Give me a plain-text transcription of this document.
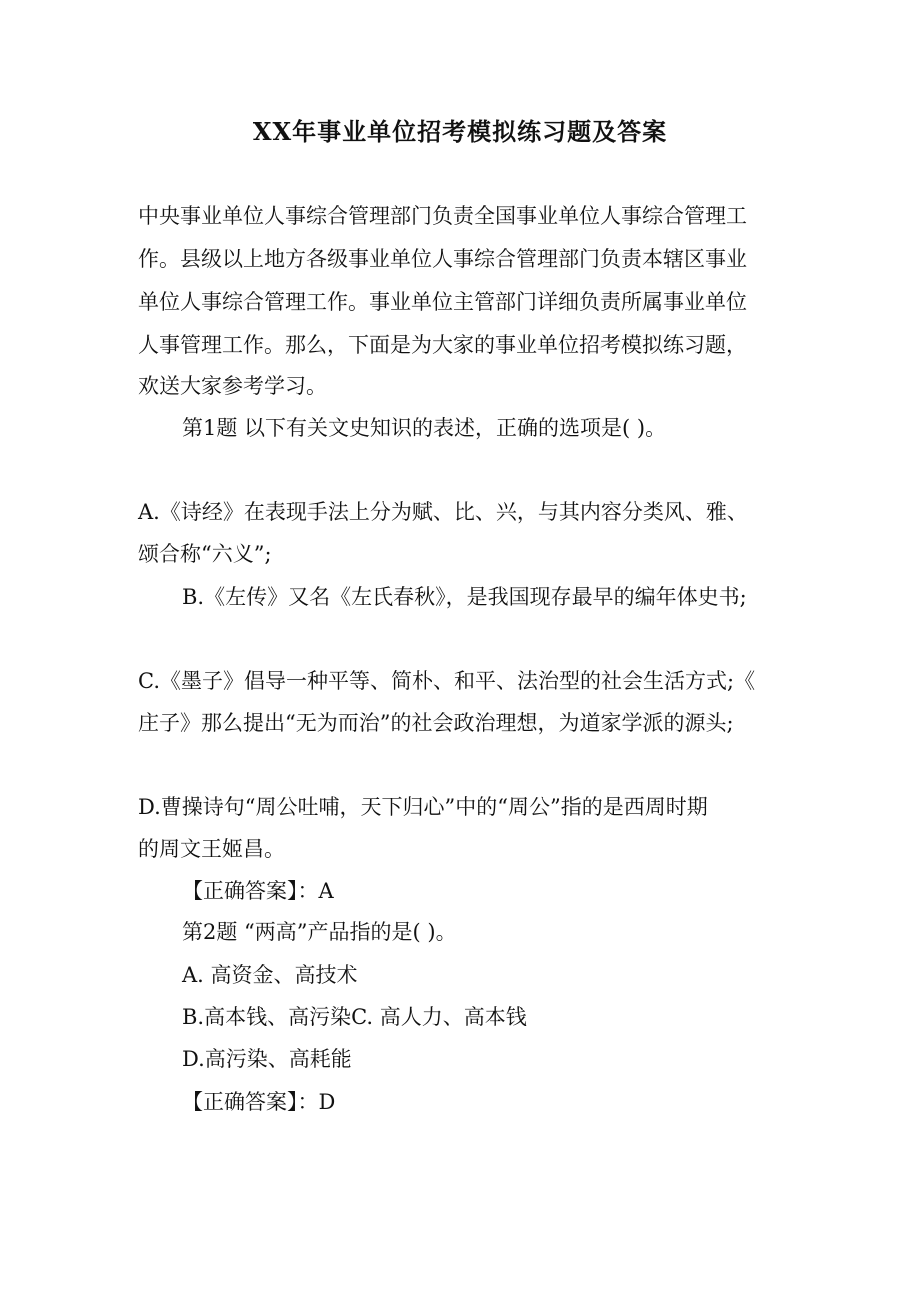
XX年事业单位招考模拟练习题及答案
中央事业单位人事综合管理部门负责全国事业单位人事综合管理工
作。县级以上地方各级事业单位人事综合管理部门负责本辖区事业
单位人事综合管理工作。事业单位主管部门详细负责所属事业单位
人事管理工作。那么，下面是为大家的事业单位招考模拟练习题，
欢送大家参考学习。
第1题 以下有关文史知识的表述，正确的选项是( )。
A.《诗经》在表现手法上分为赋、比、兴，与其内容分类风、雅、
颂合称“六义”;
B.《左传》又名《左氏春秋》，是我国现存最早的编年体史书;
C.《墨子》倡导一种平等、简朴、和平、法治型的社会生活方式;《
庄子》那么提出“无为而治”的社会政治理想，为道家学派的源头;
D.曹操诗句“周公吐哺，天下归心”中的“周公”指的是西周时期
的周文王姬昌。
【正确答案】：A
第2题 “两高”产品指的是( )。
A. 高资金、高技术
B.高本钱、高污染C. 高人力、高本钱
D.高污染、高耗能
【正确答案】：D
